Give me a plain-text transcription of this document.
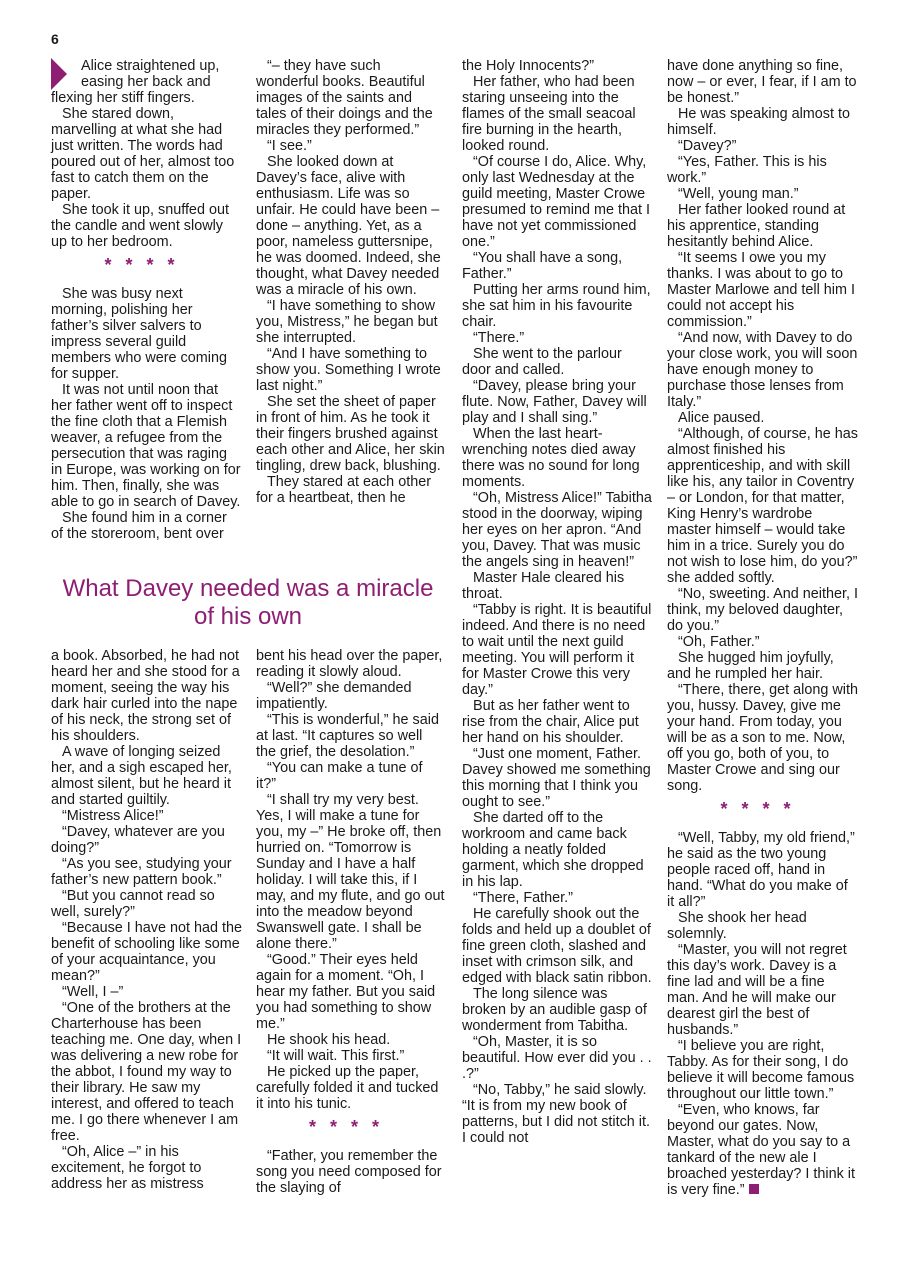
6

Alice straightened up, easing her back and flexing her stiff fingers.

She stared down, marvelling at what she had just written. The words had poured out of her, almost too fast to catch them on the paper.

She took it up, snuffed out the candle and went slowly up to her bedroom.

****

She was busy next morning, polishing her father’s silver salvers to impress several guild members who were coming for supper.

It was not until noon that her father went off to inspect the fine cloth that a Flemish weaver, a refugee from the persecution that was raging in Europe, was working on for him. Then, finally, she was able to go in search of Davey.

She found him in a corner of the storeroom, bent over

“– they have such wonderful books. Beautiful images of the saints and tales of their doings and the miracles they performed.”

“I see.”

She looked down at Davey’s face, alive with enthusiasm. Life was so unfair. He could have been – done – anything. Yet, as a poor, nameless guttersnipe, he was doomed. Indeed, she thought, what Davey needed was a miracle of his own.

“I have something to show you, Mistress,” he began but she interrupted.

“And I have something to show you. Something I wrote last night.”

She set the sheet of paper in front of him. As he took it their fingers brushed against each other and Alice, her skin tingling, drew back, blushing.

They stared at each other for a heartbeat, then he

What Davey needed was a miracle
of his own

a book. Absorbed, he had not heard her and she stood for a moment, seeing the way his dark hair curled into the nape of his neck, the strong set of his shoulders.

A wave of longing seized her, and a sigh escaped her, almost silent, but he heard it and started guiltily.

“Mistress Alice!”

“Davey, whatever are you doing?”

“As you see, studying your father’s new pattern book.”

“But you cannot read so well, surely?”

“Because I have not had the benefit of schooling like some of your acquaintance, you mean?”

“Well, I –”

“One of the brothers at the Charterhouse has been teaching me. One day, when I was delivering a new robe for the abbot, I found my way to their library. He saw my interest, and offered to teach me. I go there whenever I am free.

“Oh, Alice –” in his excitement, he forgot to address her as mistress

bent his head over the paper, reading it slowly aloud.

“Well?” she demanded impatiently.

“This is wonderful,” he said at last. “It captures so well the grief, the desolation.”

“You can make a tune of it?”

“I shall try my very best. Yes, I will make a tune for you, my –” He broke off, then hurried on. “Tomorrow is Sunday and I have a half holiday. I will take this, if I may, and my flute, and go out into the meadow beyond Swanswell gate. I shall be alone there.”

“Good.” Their eyes held again for a moment. “Oh, I hear my father. But you said you had something to show me.”

He shook his head.

“It will wait. This first.”

He picked up the paper, carefully folded it and tucked it into his tunic.

****

“Father, you remember the song you need composed for the slaying of

the Holy Innocents?”

Her father, who had been staring unseeing into the flames of the small seacoal fire burning in the hearth, looked round.

“Of course I do, Alice. Why, only last Wednesday at the guild meeting, Master Crowe presumed to remind me that I have not yet commissioned one.”

“You shall have a song, Father.”

Putting her arms round him, she sat him in his favourite chair.

“There.”

She went to the parlour door and called.

“Davey, please bring your flute. Now, Father, Davey will play and I shall sing.”

When the last heart-wrenching notes died away there was no sound for long moments.

“Oh, Mistress Alice!” Tabitha stood in the doorway, wiping her eyes on her apron. “And you, Davey. That was music the angels sing in heaven!”

Master Hale cleared his throat.

“Tabby is right. It is beautiful indeed. And there is no need to wait until the next guild meeting. You will perform it for Master Crowe this very day.”

But as her father went to rise from the chair, Alice put her hand on his shoulder.

“Just one moment, Father. Davey showed me something this morning that I think you ought to see.”

She darted off to the workroom and came back holding a neatly folded garment, which she dropped in his lap.

“There, Father.”

He carefully shook out the folds and held up a doublet of fine green cloth, slashed and inset with crimson silk, and edged with black satin ribbon.

The long silence was broken by an audible gasp of wonderment from Tabitha.

“Oh, Master, it is so beautiful. How ever did you . . .?”

“No, Tabby,” he said slowly. “It is from my new book of patterns, but I did not stitch it. I could not

have done anything so fine, now – or ever, I fear, if I am to be honest.”

He was speaking almost to himself.

“Davey?”

“Yes, Father. This is his work.”

“Well, young man.”

Her father looked round at his apprentice, standing hesitantly behind Alice.

“It seems I owe you my thanks. I was about to go to Master Marlowe and tell him I could not accept his commission.”

“And now, with Davey to do your close work, you will soon have enough money to purchase those lenses from Italy.”

Alice paused.

“Although, of course, he has almost finished his apprenticeship, and with skill like his, any tailor in Coventry – or London, for that matter, King Henry’s wardrobe master himself – would take him in a trice. Surely you do not wish to lose him, do you?” she added softly.

“No, sweeting. And neither, I think, my beloved daughter, do you.”

“Oh, Father.”

She hugged him joyfully, and he rumpled her hair.

“There, there, get along with you, hussy. Davey, give me your hand. From today, you will be as a son to me. Now, off you go, both of you, to Master Crowe and sing our song.

****

“Well, Tabby, my old friend,” he said as the two young people raced off, hand in hand. “What do you make of it all?”

She shook her head solemnly.

“Master, you will not regret this day’s work. Davey is a fine lad and will be a fine man. And he will make our dearest girl the best of husbands.”

“I believe you are right, Tabby. As for their song, I do believe it will become famous throughout our little town.”

“Even, who knows, far beyond our gates. Now, Master, what do you say to a tankard of the new ale I broached yesterday? I think it is very fine.”
